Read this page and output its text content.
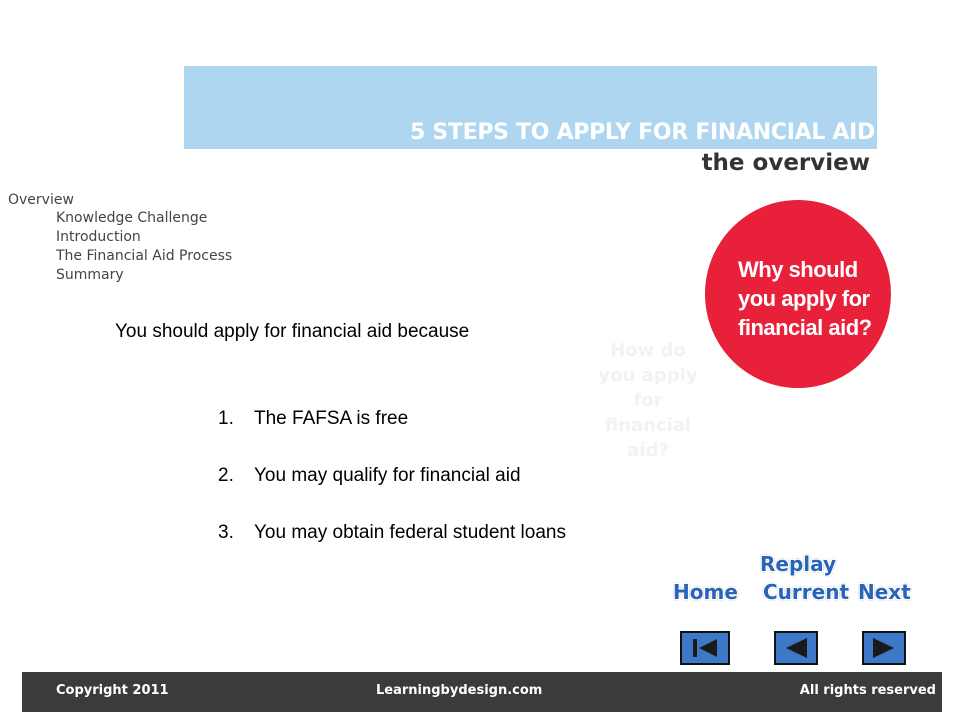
5 STEPS TO APPLY FOR FINANCIAL AID
the overview
Overview
Knowledge Challenge
Introduction
The Financial Aid Process
Summary
How do you apply for financial aid?
Why should you apply for financial aid?
You should apply for financial aid because
1. The FAFSA is free
2. You may qualify for financial aid
3. You may obtain federal student loans
Replay
Home Current Next
Copyright 2011	Learningbydesign.com	All rights reserved
